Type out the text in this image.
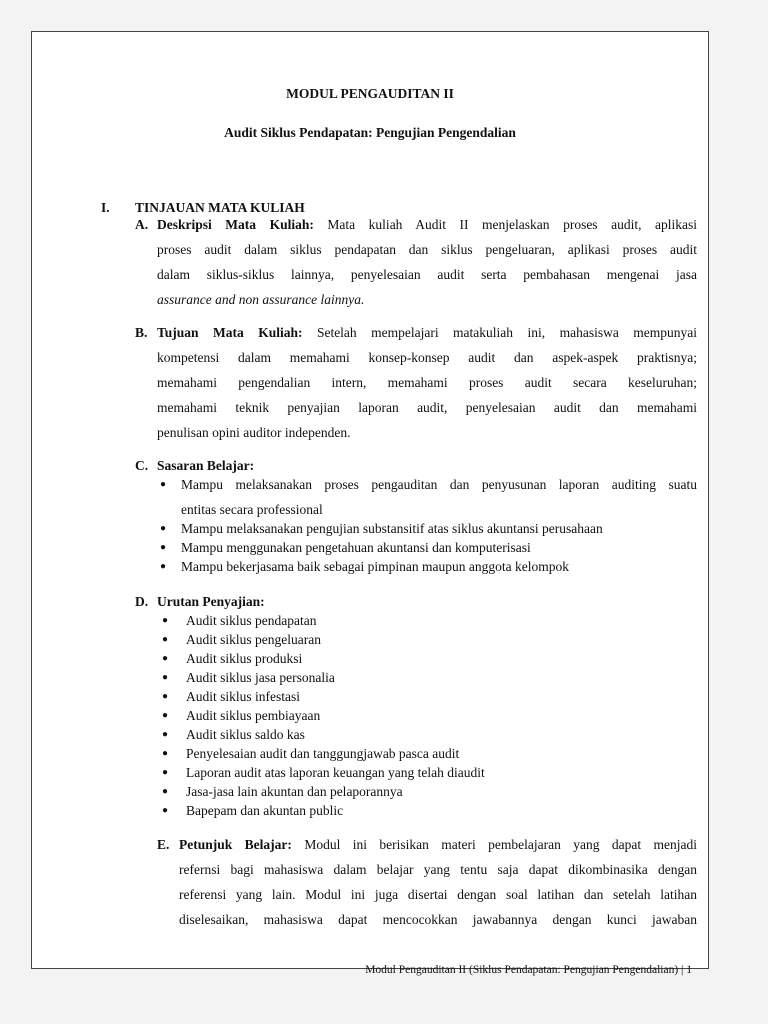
MODUL PENGAUDITAN II
Audit Siklus Pendapatan: Pengujian Pengendalian
I. TINJAUAN MATA KULIAH
A. Deskripsi Mata Kuliah: Mata kuliah Audit II menjelaskan proses audit, aplikasi
proses audit dalam siklus pendapatan dan siklus pengeluaran, aplikasi proses audit
dalam siklus-siklus lainnya, penyelesaian audit serta pembahasan mengenai jasa
assurance and non assurance lainnya.
B. Tujuan Mata Kuliah: Setelah mempelajari matakuliah ini, mahasiswa mempunyai
kompetensi dalam memahami konsep-konsep audit dan aspek-aspek praktisnya;
memahami pengendalian intern, memahami proses audit secara keseluruhan;
memahami teknik penyajian laporan audit, penyelesaian audit dan memahami
penulisan opini auditor independen.
C. Sasaran Belajar:
● Mampu melaksanakan proses pengauditan dan penyusunan laporan auditing suatu
entitas secara professional
● Mampu melaksanakan pengujian substansitif atas siklus akuntansi perusahaan
● Mampu menggunakan pengetahuan akuntansi dan komputerisasi
● Mampu bekerjasama baik sebagai pimpinan maupun anggota kelompok
D. Urutan Penyajian:
● Audit siklus pendapatan
● Audit siklus pengeluaran
● Audit siklus produksi
● Audit siklus jasa personalia
● Audit siklus infestasi
● Audit siklus pembiayaan
● Audit siklus saldo kas
● Penyelesaian audit dan tanggungjawab pasca audit
● Laporan audit atas laporan keuangan yang telah diaudit
● Jasa-jasa lain akuntan dan pelaporannya
● Bapepam dan akuntan public
E. Petunjuk Belajar: Modul ini berisikan materi pembelajaran yang dapat menjadi
refernsi bagi mahasiswa dalam belajar yang tentu saja dapat dikombinasika dengan
referensi yang lain. Modul ini juga disertai dengan soal latihan dan setelah latihan
diselesaikan, mahasiswa dapat mencocokkan jawabannya dengan kunci jawaban
Modul Pengauditan II (Siklus Pendapatan: Pengujian Pengendalian) | 1
